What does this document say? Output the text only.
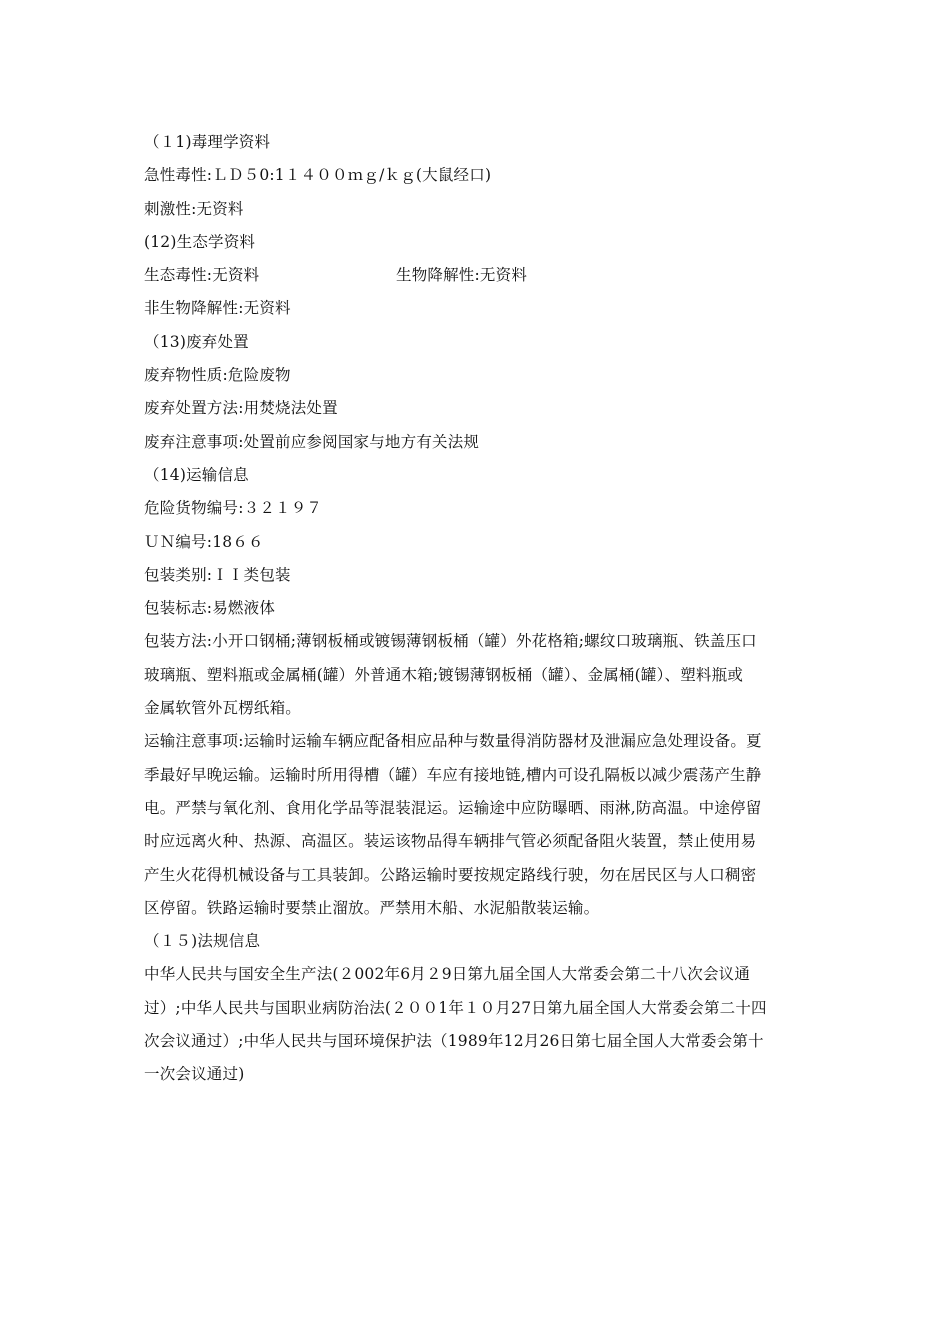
（１1)毒理学资料
急性毒性:ＬＤ５0:1１４００ｍｇ/ｋｇ(大鼠经口)
刺激性:无资料
(12)生态学资料
生态毒性:无资料	生物降解性:无资料
非生物降解性:无资料
（13)废弃处置
废弃物性质:危险废物
废弃处置方法:用焚烧法处置
废弃注意事项:处置前应参阅国家与地方有关法规
（14)运输信息
危险货物编号:３２１９７
ＵＮ编号:18６６
包装类别:ＩＩ类包装
包装标志:易燃液体
包装方法:小开口钢桶;薄钢板桶或镀锡薄钢板桶（罐）外花格箱;螺纹口玻璃瓶、铁盖压口
玻璃瓶、塑料瓶或金属桶(罐）外普通木箱;镀锡薄钢板桶（罐）、金属桶(罐）、塑料瓶或
金属软管外瓦楞纸箱。
运输注意事项:运输时运输车辆应配备相应品种与数量得消防器材及泄漏应急处理设备。夏
季最好早晚运输。运输时所用得槽（罐）车应有接地链,槽内可设孔隔板以减少震荡产生静
电。严禁与氧化剂、食用化学品等混装混运。运输途中应防曝晒、雨淋,防高温。中途停留
时应远离火种、热源、高温区。装运该物品得车辆排气管必须配备阻火装置，禁止使用易
产生火花得机械设备与工具装卸。公路运输时要按规定路线行驶，勿在居民区与人口稠密
区停留。铁路运输时要禁止溜放。严禁用木船、水泥船散装运输。
（１５)法规信息
中华人民共与国安全生产法(２002年6月２9日第九届全国人大常委会第二十八次会议通
过）;中华人民共与国职业病防治法(２００1年１０月27日第九届全国人大常委会第二十四
次会议通过）;中华人民共与国环境保护法（1989年12月26日第七届全国人大常委会第十
一次会议通过)
